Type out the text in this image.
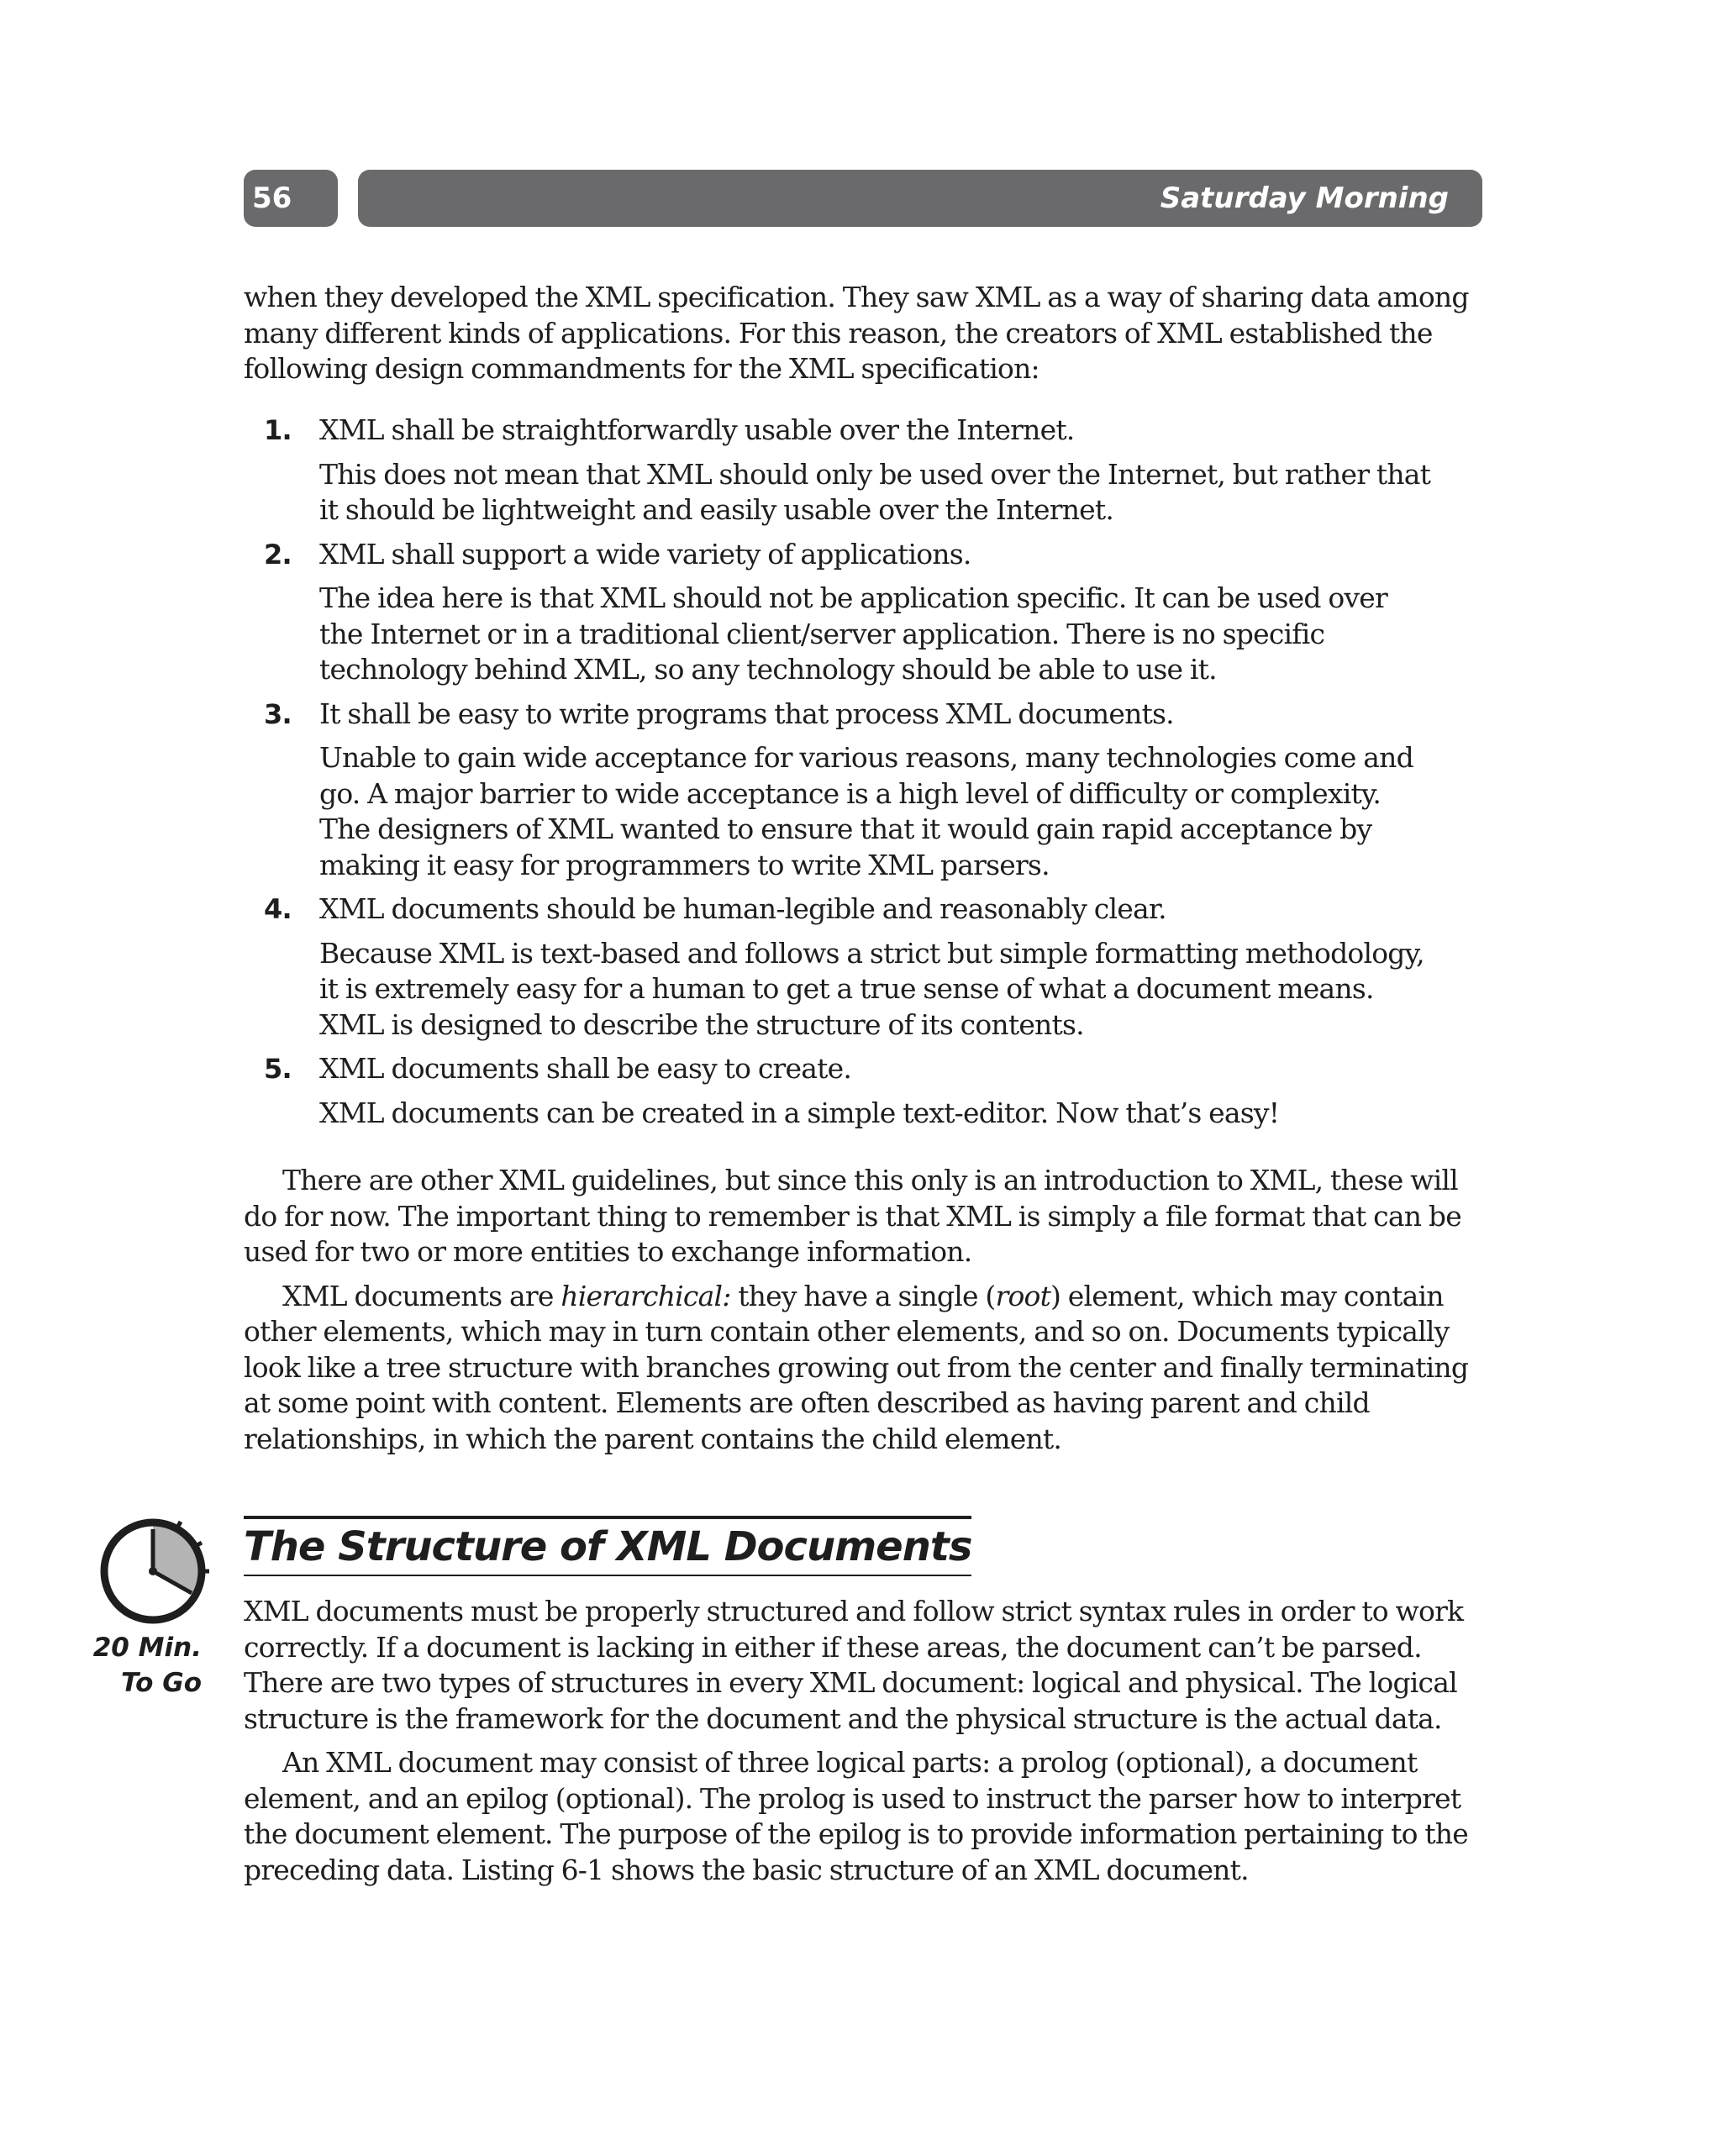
56	Saturday Morning

when they developed the XML specification. They saw XML as a way of sharing data among many different kinds of applications. For this reason, the creators of XML established the following design commandments for the XML specification:

1. XML shall be straightforwardly usable over the Internet.
This does not mean that XML should only be used over the Internet, but rather that it should be lightweight and easily usable over the Internet.
2. XML shall support a wide variety of applications.
The idea here is that XML should not be application specific. It can be used over the Internet or in a traditional client/server application. There is no specific technology behind XML, so any technology should be able to use it.
3. It shall be easy to write programs that process XML documents.
Unable to gain wide acceptance for various reasons, many technologies come and go. A major barrier to wide acceptance is a high level of difficulty or complexity. The designers of XML wanted to ensure that it would gain rapid acceptance by making it easy for programmers to write XML parsers.
4. XML documents should be human-legible and reasonably clear.
Because XML is text-based and follows a strict but simple formatting methodology, it is extremely easy for a human to get a true sense of what a document means. XML is designed to describe the structure of its contents.
5. XML documents shall be easy to create.
XML documents can be created in a simple text-editor. Now that’s easy!

There are other XML guidelines, but since this only is an introduction to XML, these will do for now. The important thing to remember is that XML is simply a file format that can be used for two or more entities to exchange information.

XML documents are hierarchical: they have a single (root) element, which may contain other elements, which may in turn contain other elements, and so on. Documents typically look like a tree structure with branches growing out from the center and finally terminating at some point with content. Elements are often described as having parent and child relationships, in which the parent contains the child element.

20 Min.
To Go
The Structure of XML Documents

XML documents must be properly structured and follow strict syntax rules in order to work correctly. If a document is lacking in either if these areas, the document can’t be parsed. There are two types of structures in every XML document: logical and physical. The logical structure is the framework for the document and the physical structure is the actual data.

An XML document may consist of three logical parts: a prolog (optional), a document element, and an epilog (optional). The prolog is used to instruct the parser how to interpret the document element. The purpose of the epilog is to provide information pertaining to the preceding data. Listing 6-1 shows the basic structure of an XML document.
